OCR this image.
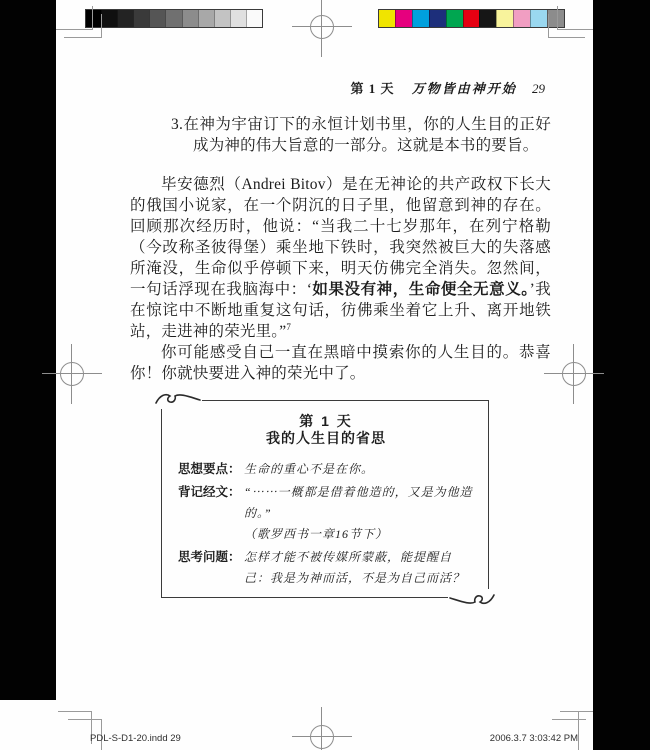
第 1 天 万物皆由神开始 29
3.在神为宇宙订下的永恒计划书里，你的人生目的正好成为神的伟大旨意的一部分。这就是本书的要旨。

毕安德烈（Andrei Bitov）是在无神论的共产政权下长大的俄国小说家，在一个阴沉的日子里，他留意到神的存在。回顾那次经历时，他说：“当我二十七岁那年，在列宁格勒（今改称圣彼得堡）乘坐地下铁时，我突然被巨大的失落感所淹没，生命似乎停顿下来，明天仿佛完全消失。忽然间，一句话浮现在我脑海中：‘如果没有神，生命便全无意义。’我在惊诧中不断地重复这句话，彷佛乘坐着它上升、离开地铁站，走进神的荣光里。”$^7$

你可能感受自己一直在黑暗中摸索你的人生目的。恭喜你！你就快要进入神的荣光中了。

第 1 天
我的人生目的省思
思想要点： 生命的重心不是在你。
背记经文： “⋯⋯一概都是借着他造的，又是为他造的。”
（歌罗西书一章16节下）
思考问题： 怎样才能不被传媒所蒙蔽，能提醒自己：我是为神而活，不是为自己而活？
PDL-S-D1-20.indd 29	2006.3.7 3:03:42 PM
